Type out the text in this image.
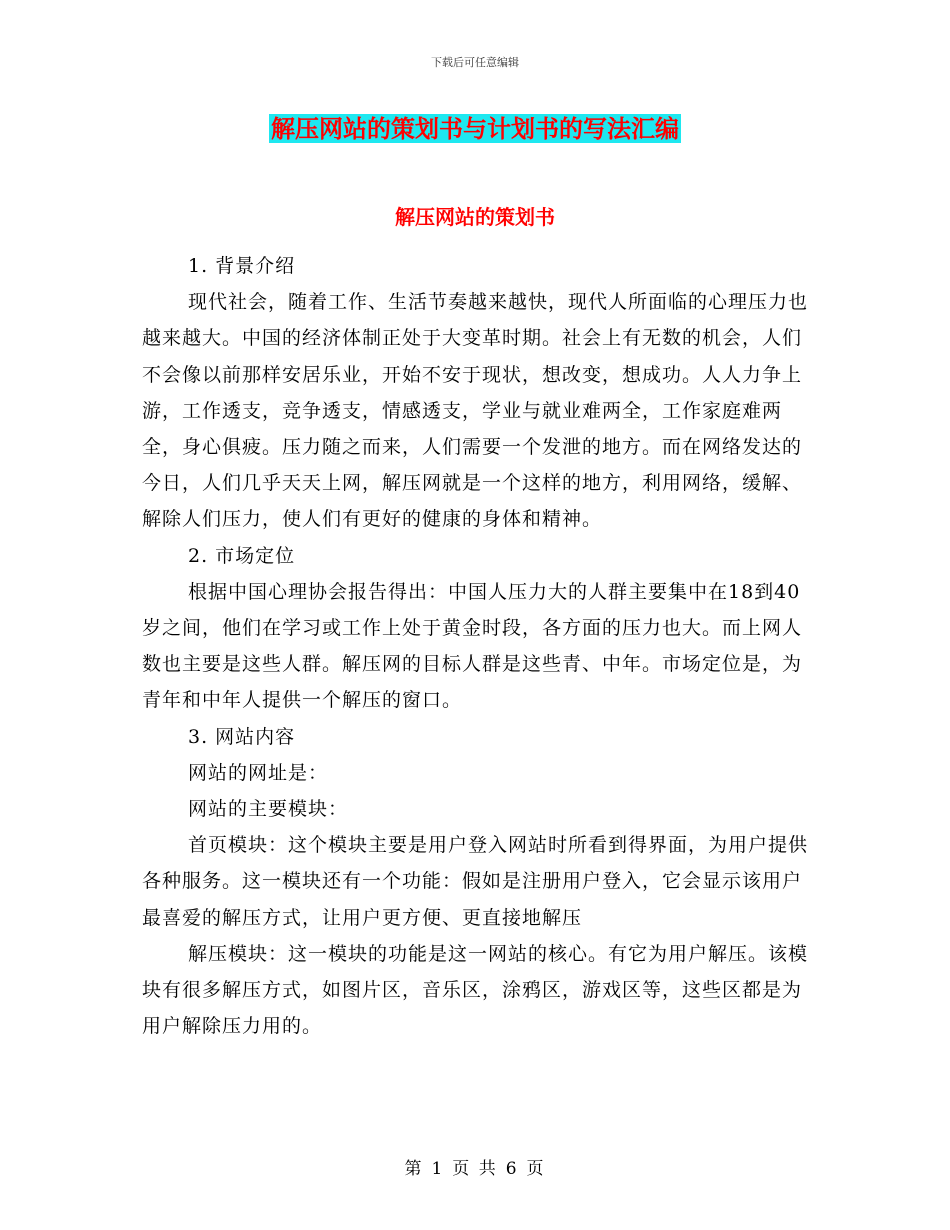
下载后可任意编辑
解压网站的策划书与计划书的写法汇编
解压网站的策划书

1. 背景介绍

现代社会，随着工作、生活节奏越来越快，现代人所面临的心理压力也越来越大。中国的经济体制正处于大变革时期。社会上有无数的机会，人们不会像以前那样安居乐业，开始不安于现状，想改变，想成功。人人力争上游，工作透支，竞争透支，情感透支，学业与就业难两全，工作家庭难两全，身心俱疲。压力随之而来，人们需要一个发泄的地方。而在网络发达的今日，人们几乎天天上网，解压网就是一个这样的地方，利用网络，缓解、解除人们压力，使人们有更好的健康的身体和精神。

2. 市场定位

根据中国心理协会报告得出：中国人压力大的人群主要集中在18到40岁之间，他们在学习或工作上处于黄金时段，各方面的压力也大。而上网人数也主要是这些人群。解压网的目标人群是这些青、中年。市场定位是，为青年和中年人提供一个解压的窗口。

3. 网站内容

网站的网址是：

网站的主要模块：

首页模块：这个模块主要是用户登入网站时所看到得界面，为用户提供各种服务。这一模块还有一个功能：假如是注册用户登入，它会显示该用户最喜爱的解压方式，让用户更方便、更直接地解压

解压模块：这一模块的功能是这一网站的核心。有它为用户解压。该模块有很多解压方式，如图片区，音乐区，涂鸦区，游戏区等，这些区都是为用户解除压力用的。

第 1 页 共 6 页
